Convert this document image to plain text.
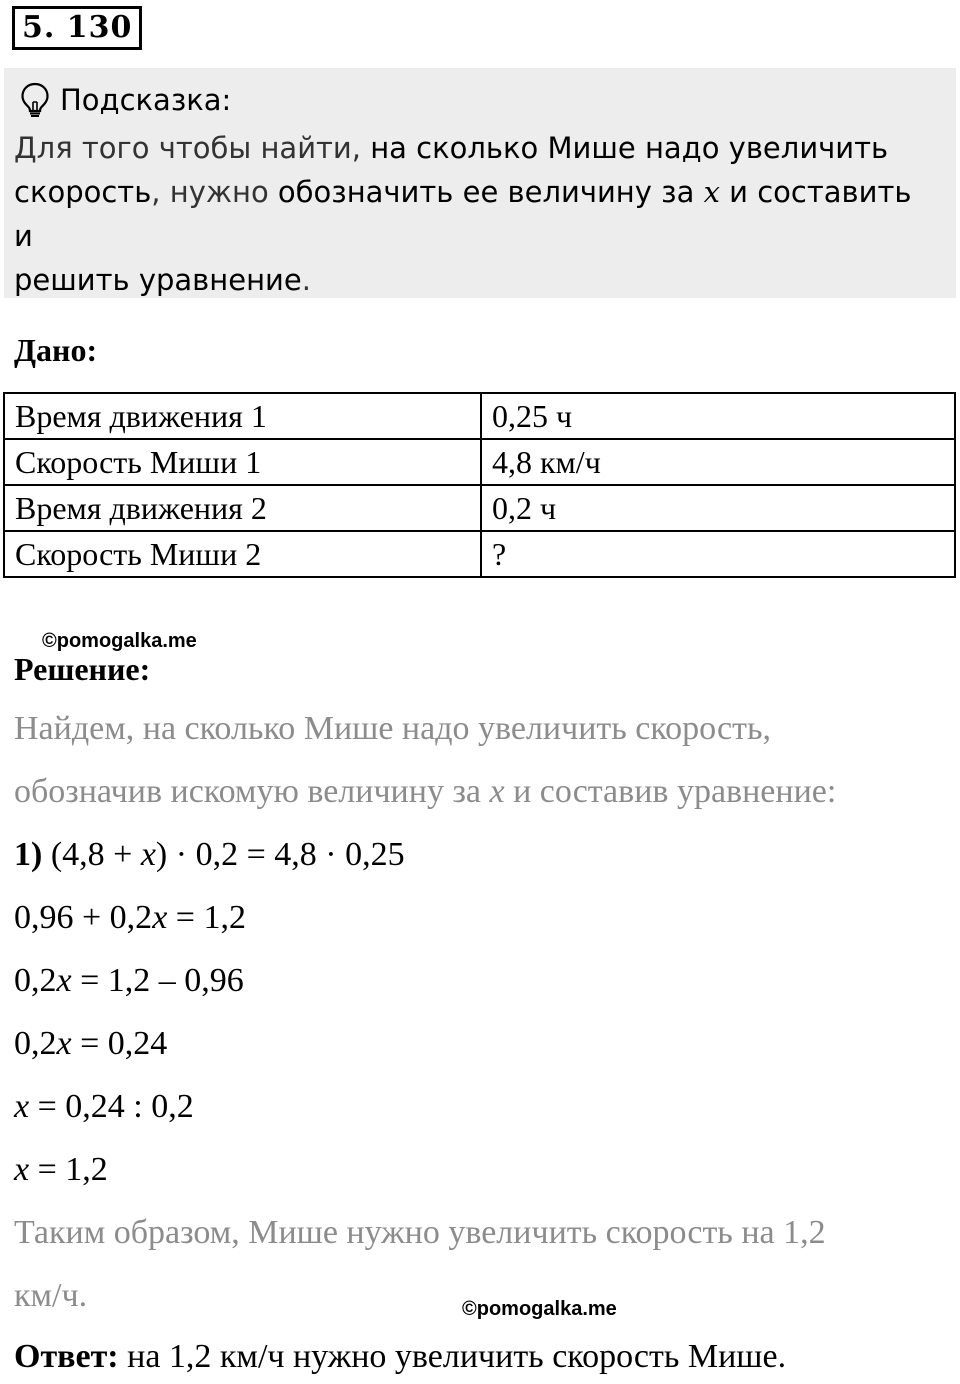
5. 130
Подсказка:
Для того чтобы найти, на сколько Мише надо увеличить
скорость, нужно обозначить ее величину за x и составить и
решить уравнение.
Дано:
Время движения 1	0,25 ч
Скорость Миши 1	4,8 км/ч
Время движения 2	0,2 ч
Скорость Миши 2	?
©pomogalka.me
Решение:
Найдем, на сколько Мише надо увеличить скорость,
обозначив искомую величину за x и составив уравнение:
1) (4,8 + x) · 0,2 = 4,8 · 0,25
0,96 + 0,2x = 1,2
0,2x = 1,2 – 0,96
0,2x = 0,24
x = 0,24 : 0,2
x = 1,2
Таким образом, Мише нужно увеличить скорость на 1,2
км/ч.	©pomogalka.me
Ответ: на 1,2 км/ч нужно увеличить скорость Мише.
